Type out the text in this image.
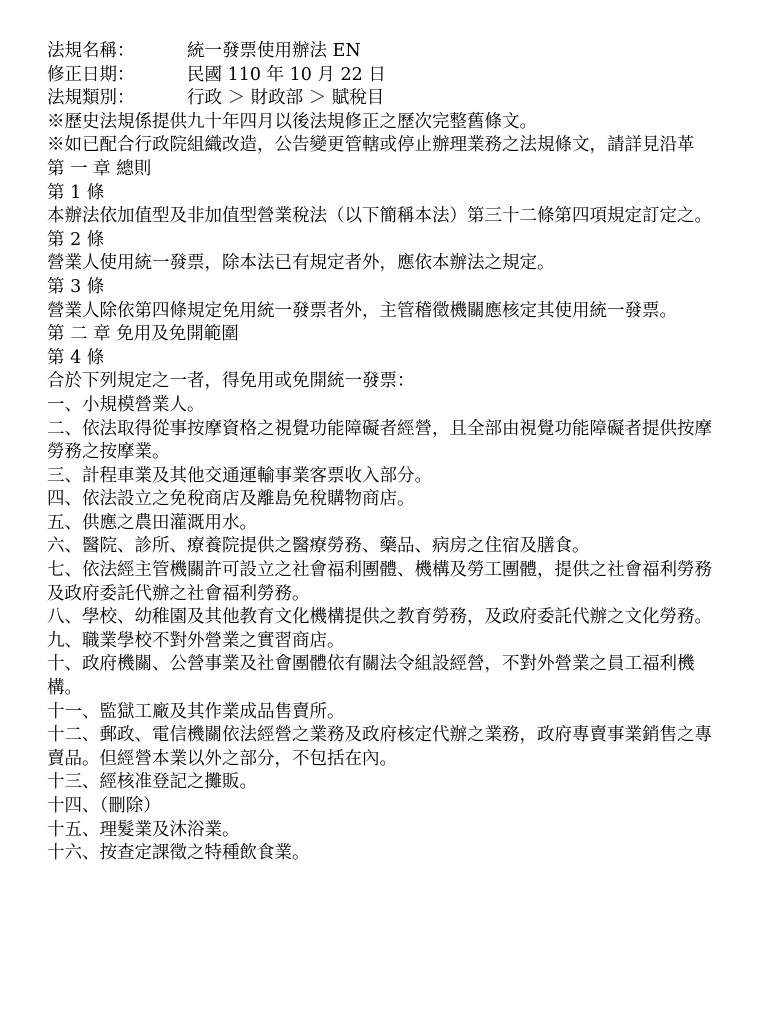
法規名稱：	統一發票使用辦法 EN
修正日期：	民國 110 年 10 月 22 日
法規類別：	行政 ＞ 財政部 ＞ 賦稅目

※歷史法規係提供九十年四月以後法規修正之歷次完整舊條文。

※如已配合行政院組織改造，公告變更管轄或停止辦理業務之法規條文，請詳見沿革

第 一 章 總則

第 1 條

本辦法依加值型及非加值型營業稅法（以下簡稱本法）第三十二條第四項規定訂定之。

第 2 條

營業人使用統一發票，除本法已有規定者外，應依本辦法之規定。

第 3 條

營業人除依第四條規定免用統一發票者外，主管稽徵機關應核定其使用統一發票。

第 二 章 免用及免開範圍

第 4 條

合於下列規定之一者，得免用或免開統一發票：

一、小規模營業人。

二、依法取得從事按摩資格之視覺功能障礙者經營，且全部由視覺功能障礙者提供按摩勞務之按摩業。

三、計程車業及其他交通運輸事業客票收入部分。

四、依法設立之免稅商店及離島免稅購物商店。

五、供應之農田灌溉用水。

六、醫院、診所、療養院提供之醫療勞務、藥品、病房之住宿及膳食。

七、依法經主管機關許可設立之社會福利團體、機構及勞工團體，提供之社會福利勞務及政府委託代辦之社會福利勞務。

八、學校、幼稚園及其他教育文化機構提供之教育勞務，及政府委託代辦之文化勞務。

九、職業學校不對外營業之實習商店。

十、政府機關、公營事業及社會團體依有關法令組設經營，不對外營業之員工福利機構。

十一、監獄工廠及其作業成品售賣所。

十二、郵政、電信機關依法經營之業務及政府核定代辦之業務，政府專賣事業銷售之專賣品。但經營本業以外之部分，不包括在內。

十三、經核准登記之攤販。

十四、（刪除）

十五、理髮業及沐浴業。

十六、按查定課徵之特種飲食業。
